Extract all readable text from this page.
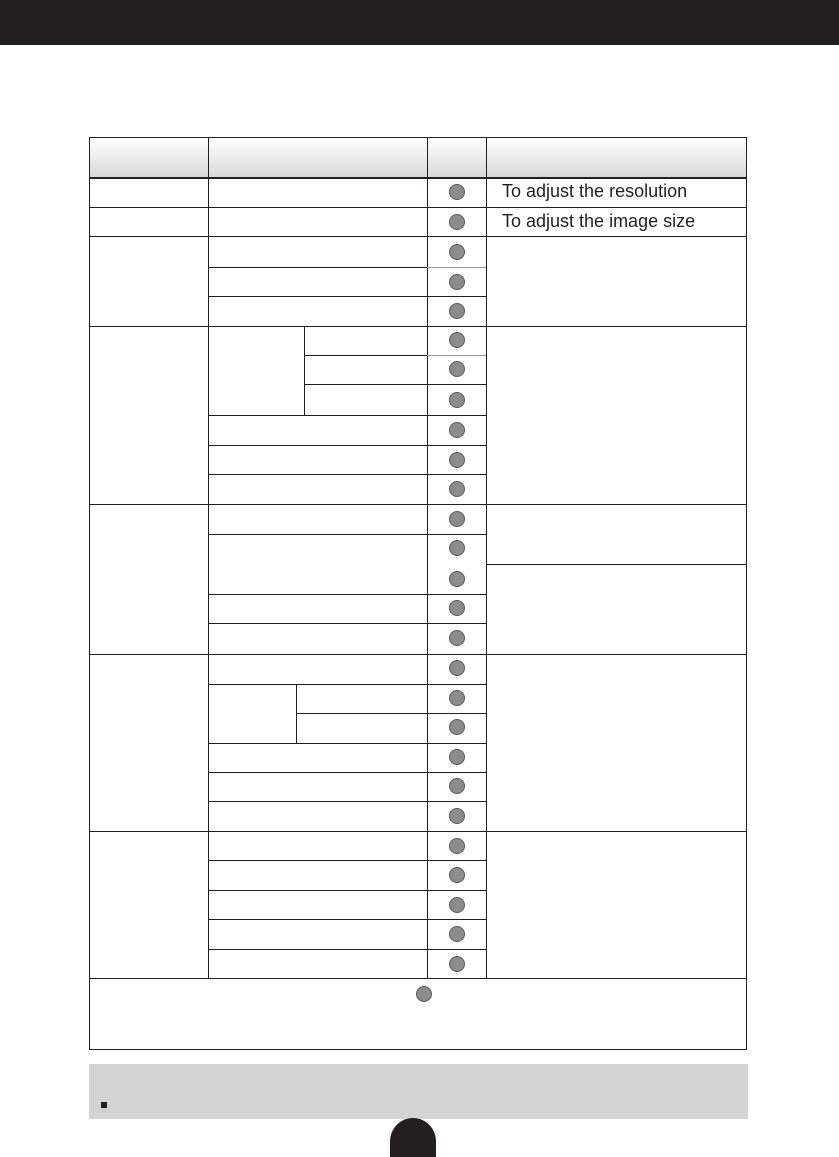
To adjust the resolution
To adjust the image size
